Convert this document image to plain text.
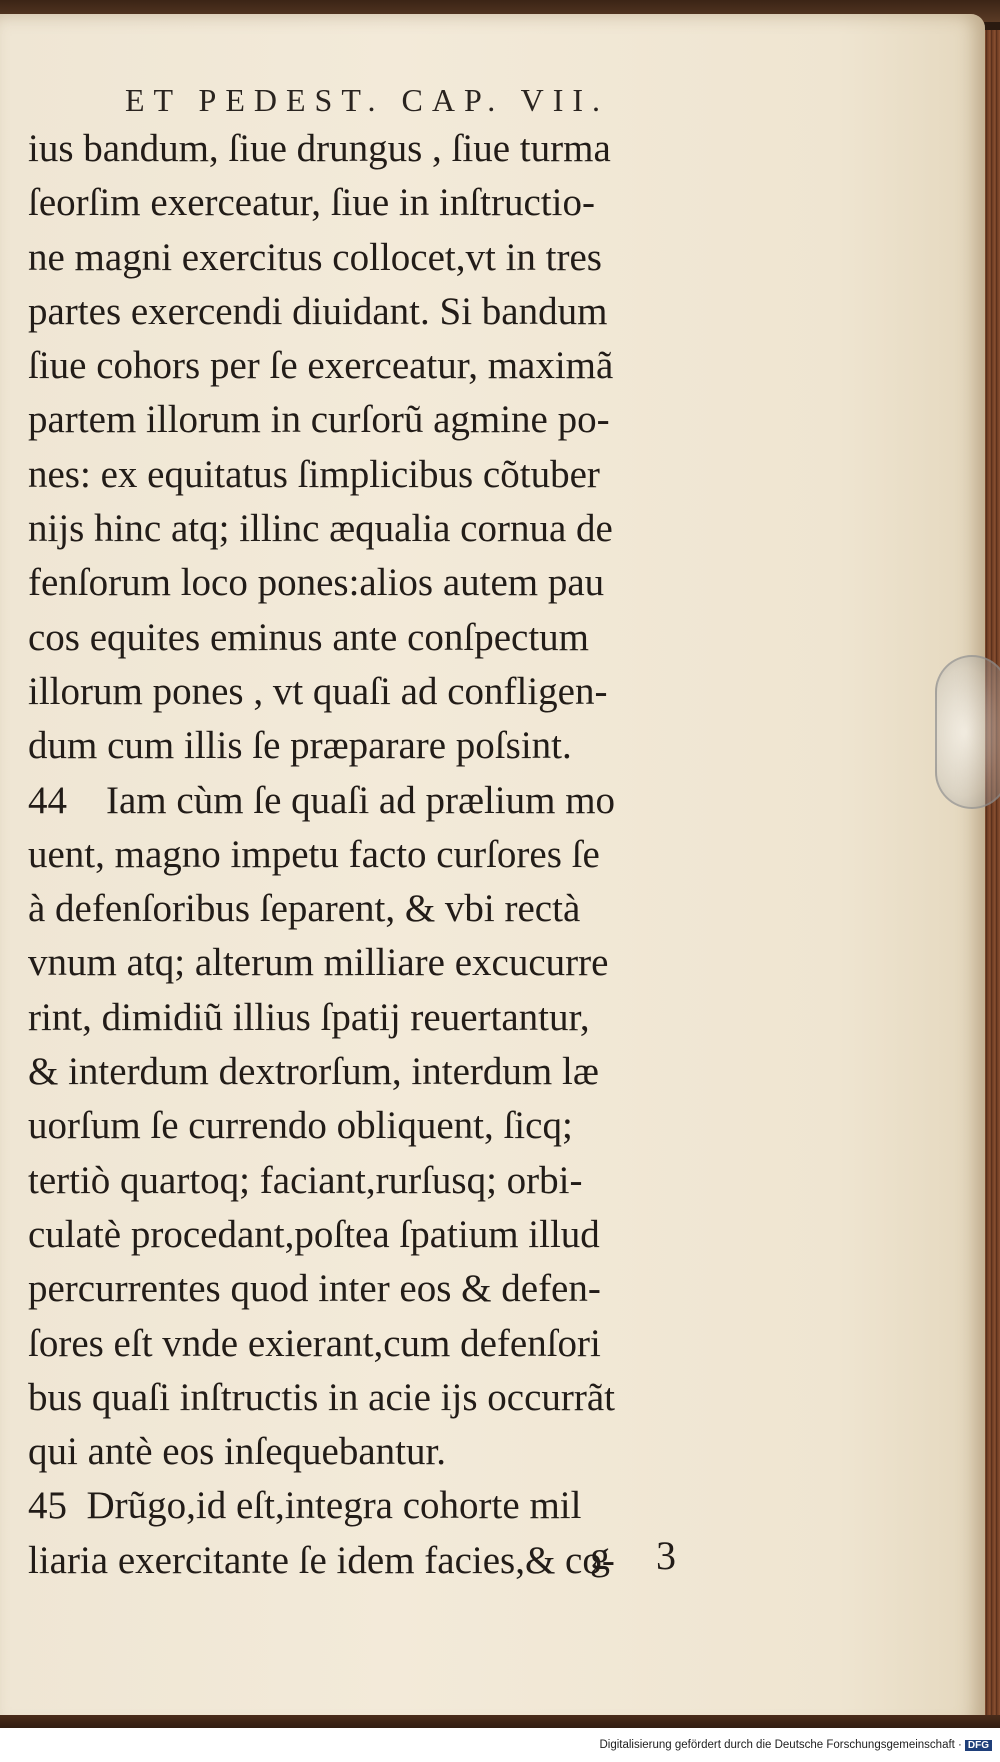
ET PEDEST. CAP. VII.
ius bandum, ſiue drungus , ſiue turma
ſeorſim exerceatur, ſiue in inſtructio-
ne magni exercitus collocet,vt in tres
partes exercendi diuidant. Si bandum
ſiue cohors per ſe exerceatur, maximã
partem illorum in curſorũ agmine po-
nes: ex equitatus ſimplicibus cõtuber
nijs hinc atq; illinc æqualia cornua de
fenſorum loco pones:alios autem pau
cos equites eminus ante conſpectum
illorum pones , vt quaſi ad confligen-
dum cum illis ſe præparare poſsint.
44    Iam cùm ſe quaſi ad prælium mo
uent, magno impetu facto curſores ſe
à defenſoribus ſeparent, & vbi rectà
vnum atq; alterum milliare excucurre
rint, dimidiũ illius ſpatij reuertantur,
& interdum dextrorſum, interdum læ
uorſum ſe currendo obliquent, ſicq;
tertiò quartoq; faciant,rurſusq; orbi-
culatè procedant,poſtea ſpatium illud
percurrentes quod inter eos & defen-
ſores eſt vnde exierant,cum defenſori
bus quaſi inſtructis in acie ijs occurrãt
qui antè eos inſequebantur.
45  Drũgo,id eſt,integra cohorte mil
liaria exercitante ſe idem facies,& co-
g 3
Digitalisierung gefördert durch die Deutsche Forschungsgemeinschaft · DFG
